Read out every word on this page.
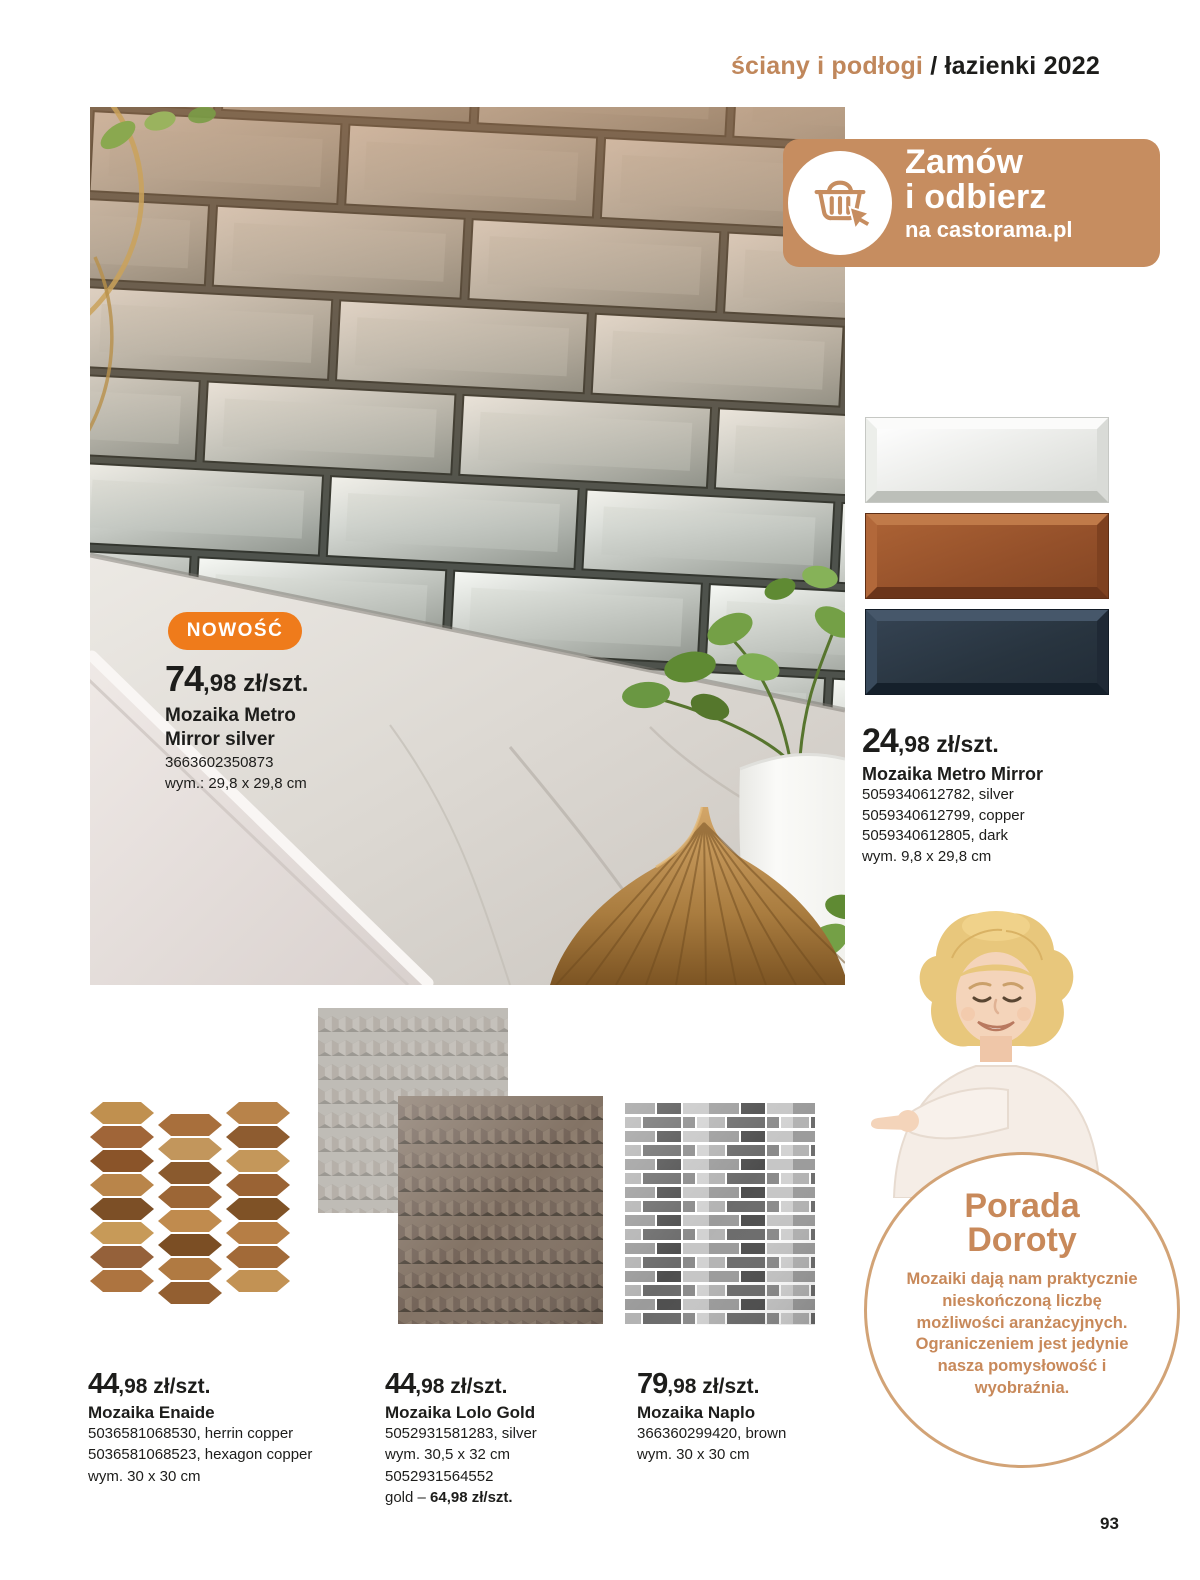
ściany i podłogi / łazienki 2022
NOWOŚĆ
74,98 zł/szt.
Mozaika Metro
Mirror silver
3663602350873
wym.: 29,8 x 29,8 cm
Zamów
i odbierz
na castorama.pl
24,98 zł/szt.
Mozaika Metro Mirror
5059340612782, silver
5059340612799, copper
5059340612805, dark
wym. 9,8 x 29,8 cm
Porada
Doroty
Mozaiki dają nam praktycznie nieskończoną liczbę możliwości aranżacyjnych. Ograniczeniem jest jedynie nasza pomysłowość i wyobraźnia.
44,98 zł/szt.
Mozaika Enaide
5036581068530, herrin copper
5036581068523, hexagon copper
wym. 30 x 30 cm
44,98 zł/szt.
Mozaika Lolo Gold
5052931581283, silver
wym. 30,5 x 32 cm
5052931564552
gold – 64,98 zł/szt.
79,98 zł/szt.
Mozaika Naplo
366360299420, brown
wym. 30 x 30 cm
93
